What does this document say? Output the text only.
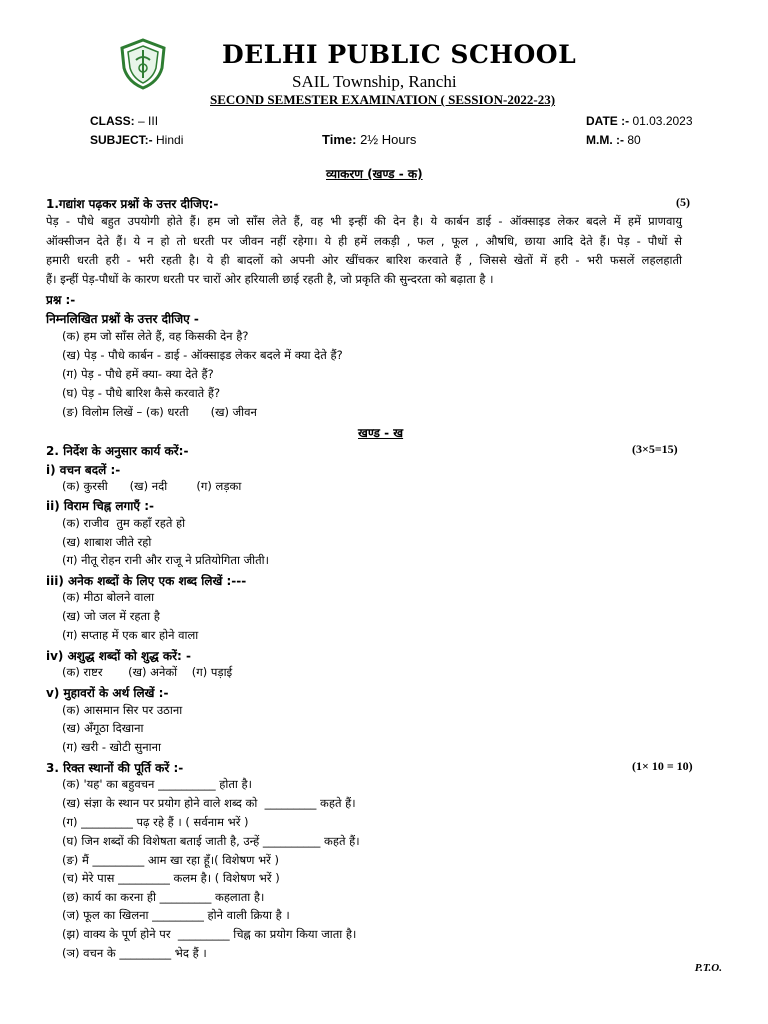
DELHI PUBLIC SCHOOL
SAIL Township, Ranchi
SECOND SEMESTER EXAMINATION ( SESSION-2022-23)
CLASS: – III	DATE :- 01.03.2023
SUBJECT:- Hindi	Time: 2½ Hours	M.M. :- 80
व्याकरण (खण्ड - क)
1.गद्यांश पढ़कर प्रश्नों के उत्तर दीजिए:-	(5)
पेड़ - पौधे बहुत उपयोगी होते हैं। हम जो साँस लेते हैं, वह भी इन्हीं की देन है। ये कार्बन डाई - ऑक्साइड लेकर बदले में हमें प्राणवायु
ऑक्सीजन देते हैं। ये न हो तो धरती पर जीवन नहीं रहेगा। ये ही हमें लकड़ी , फल , फूल , औषधि, छाया आदि देते हैं। पेड़ - पौधों से
हमारी धरती हरी - भरी रहती है। ये ही बादलों को अपनी ओर खींचकर बारिश करवाते हैं , जिससे खेतों में हरी - भरी फसलें लहलहाती
हैं। इन्हीं पेड़-पौधों के कारण धरती पर चारों ओर हरियाली छाई रहती है, जो प्रकृति की सुन्दरता को बढ़ाता है ।
प्रश्न :-
निम्नलिखित प्रश्नों के उत्तर दीजिए -
(क) हम जो साँस लेते हैं, वह किसकी देन है?
(ख) पेड़ - पौधे कार्बन - डाई - ऑक्साइड लेकर बदले में क्या देते हैं?
(ग) पेड़ - पौधे हमें क्या- क्या देते हैं?
(घ) पेड़ - पौधे बारिश कैसे करवाते हैं?
(ङ) विलोम लिखें – (क) धरती      (ख) जीवन
खण्ड - ख
2. निर्देश के अनुसार कार्य करें:-	(3×5=15)
i) वचन बदलें :-
(क) कुरसी      (ख) नदी        (ग) लड़का
ii) विराम चिह्न लगाएँ :-
(क) राजीव  तुम कहाँ रहते हो
(ख) शाबाश जीते रहो
(ग) नीतू रोहन रानी और राजू ने प्रतियोगिता जीती।
iii) अनेक शब्दों के लिए एक शब्द लिखें :---
(क) मीठा बोलने वाला
(ख) जो जल में रहता है
(ग) सप्ताह में एक बार होने वाला
iv) अशुद्ध शब्दों को शुद्ध करें: -
(क) राष्टर       (ख) अनेकों    (ग) पड़ाई
v) मुहावरों के अर्थ लिखें :-
(क) आसमान सिर पर उठाना
(ख) अँगूठा दिखाना
(ग) खरी - खोटी सुनाना
3. रिक्त स्थानों की पूर्ति करें :-	(1× 10 = 10)
(क) 'यह' का बहुवचन __________ होता है।
(ख) संज्ञा के स्थान पर प्रयोग होने वाले शब्द को  _________ कहते हैं।
(ग) _________ पढ़ रहे हैं । ( सर्वनाम भरें )
(घ) जिन शब्दों की विशेषता बताई जाती है, उन्हें __________ कहते हैं।
(ङ) मैं _________ आम खा रहा हूँ।( विशेषण भरें )
(च) मेरे पास _________ कलम है। ( विशेषण भरें )
(छ) कार्य का करना ही _________ कहलाता है।
(ज) फूल का खिलना _________ होने वाली क्रिया है ।
(झ) वाक्य के पूर्ण होने पर  _________ चिह्न का प्रयोग किया जाता है।
(ञ) वचन के _________ भेद हैं ।
P.T.O.
